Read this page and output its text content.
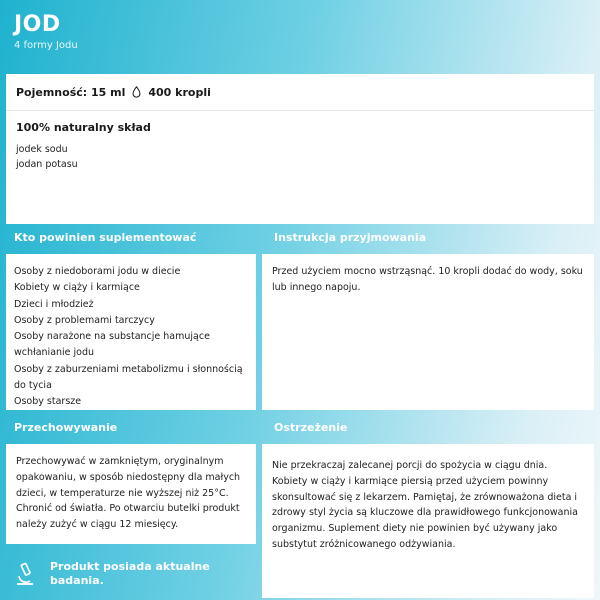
JOD
4 formy Jodu
Pojemność: 15 ml 400 kropli
100% naturalny skład
jodek sodu
jodan potasu
Kto powinien suplementować	Instrukcja przyjmowania
Osoby z niedoborami jodu w diecie
Kobiety w ciąży i karmiące
Dzieci i młodzież
Osoby z problemami tarczycy
Osoby narażone na substancje hamujące wchłanianie jodu
Osoby z zaburzeniami metabolizmu i słonnością do tycia
Osoby starsze
Przed użyciem mocno wstrząsnąć. 10 kropli dodać do wody, soku lub innego napoju.
Przechowywanie	Ostrzeżenie
Przechowywać w zamkniętym, oryginalnym opakowaniu, w sposób niedostępny dla małych dzieci, w temperaturze nie wyższej niż 25°C. Chronić od światła. Po otwarciu butelki produkt należy zużyć w ciągu 12 miesięcy.
Nie przekraczaj zalecanej porcji do spożycia w ciągu dnia. Kobiety w ciąży i karmiące piersią przed użyciem powinny skonsultować się z lekarzem. Pamiętaj, że zrównoważona dieta i zdrowy styl życia są kluczowe dla prawidłowego funkcjonowania organizmu. Suplement diety nie powinien być używany jako substytut zróżnicowanego odżywiania.
Produkt posiada aktualne badania.
